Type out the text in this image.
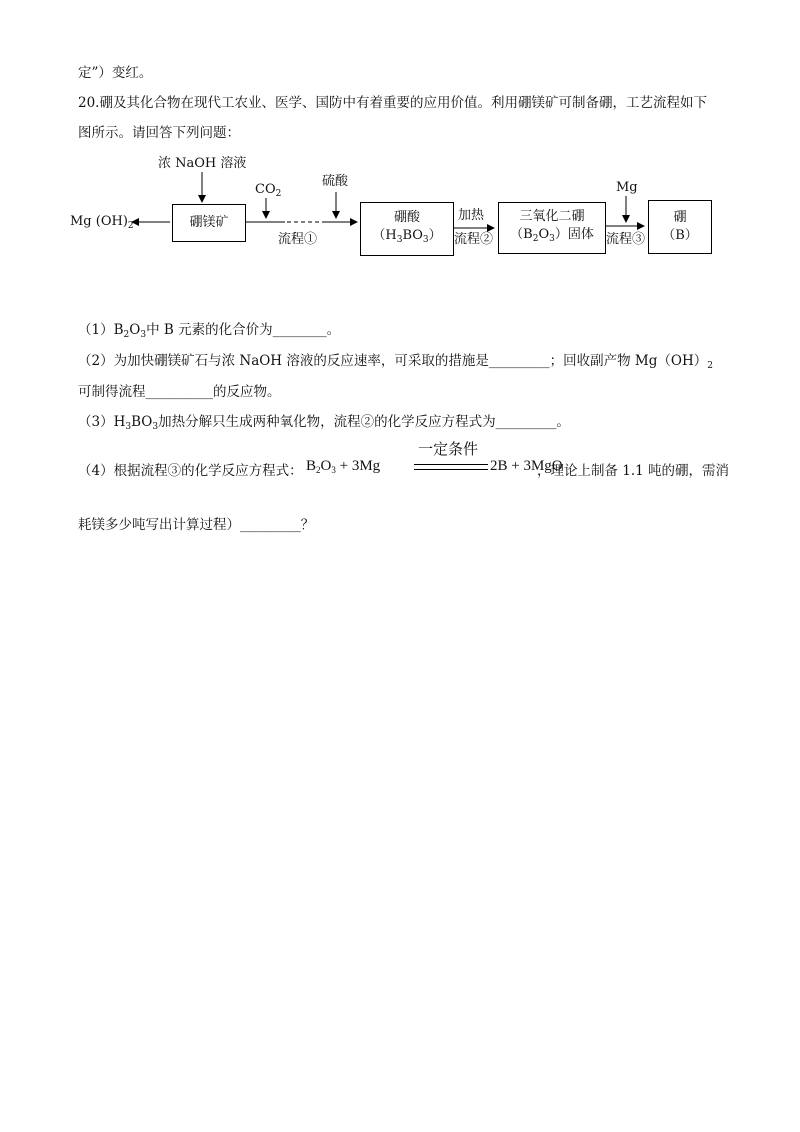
定”）变红。
20.硼及其化合物在现代工农业、医学、国防中有着重要的应用价值。利用硼镁矿可制备硼，工艺流程如下
图所示。请回答下列问题：
浓 NaOH 溶液
$CO_2$
Mg $(OH)_2$	硼镁矿
流程①
硫酸
硼酸
$(H_3BO_3)$
加热
流程②
三氧化二硼
$(B_2O_3)$固体
Mg
流程③
硼
（B）
$(1)B_2O_3$中 B 元素的化合价为________。
（2）为加快硼镁矿石与浓 NaOH 溶液的反应速率，可采取的措施是_________；回收副产物 $Mg(OH)_2$
可制得流程__________的反应物。
$(3)H_3BO_3$加热分解只生成两种氧化物，流程②的化学反应方程式为_________。
（4）根据流程③的化学反应方程式： $B_2O_3 + 3Mg$
一定条件
2B + 3MgO
，理论上制备 1.1 吨的硼，需消
耗镁多少吨写出计算过程）_________？
